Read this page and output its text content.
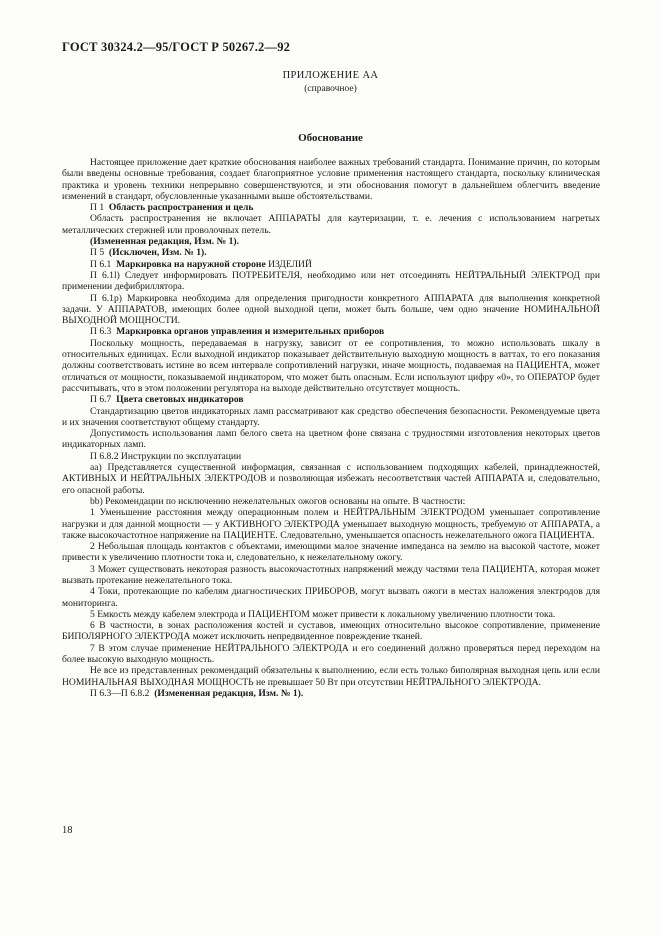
ГОСТ 30324.2—95/ГОСТ Р 50267.2—92
ПРИЛОЖЕНИЕ АА
(справочное)
Обоснование

Настоящее приложение дает краткие обоснования наиболее важных требований стандарта. Понимание причин, по которым были введены основные требования, создает благоприятное условие применения настоящего стандарта, поскольку клиническая практика и уровень техники непрерывно совершенствуются, и эти обоснования помогут в дальнейшем облегчить введение изменений в стандарт, обусловленные указанными выше обстоятельствами.

П 1 Область распространения и цель

Область распространения не включает АППАРАТЫ для каутеризации, т. е. лечения с использованием нагретых металлических стержней или проволочных петель.

(Измененная редакция, Изм. № 1).

П 5 (Исключен, Изм. № 1).

П 6.1 Маркировка на наружной стороне ИЗДЕЛИЙ

П 6.1l) Следует информировать ПОТРЕБИТЕЛЯ, необходимо или нет отсоединять НЕЙТРАЛЬНЫЙ ЭЛЕКТРОД при применении дефибриллятора.

П 6.1p) Маркировка необходима для определения пригодности конкретного АППАРАТА для выполнения конкретной задачи. У АППАРАТОВ, имеющих более одной выходной цепи, может быть больше, чем одно значение НОМИНАЛЬНОЙ ВЫХОДНОЙ МОЩНОСТИ.

П 6.3 Маркировка органов управления и измерительных приборов

Поскольку мощность, передаваемая в нагрузку, зависит от ее сопротивления, то можно использовать шкалу в относительных единицах. Если выходной индикатор показывает действительную выходную мощность в ваттах, то его показания должны соответствовать истине во всем интервале сопротивлений нагрузки, иначе мощность, подаваемая на ПАЦИЕНТА, может отличаться от мощности, показываемой индикатором, что может быть опасным. Если используют цифру «0», то ОПЕРАТОР будет рассчитывать, что в этом положении регулятора на выходе действительно отсутствует мощность.

П 6.7 Цвета световых индикаторов

Стандартизацию цветов индикаторных ламп рассматривают как средство обеспечения безопасности. Рекомендуемые цвета и их значения соответствуют общему стандарту.

Допустимость использования ламп белого света на цветном фоне связана с трудностями изготовления некоторых цветов индикаторных ламп.

П 6.8.2 Инструкции по эксплуатации

аа) Представляется существенной информация, связанная с использованием подходящих кабелей, принадлежностей, АКТИВНЫХ И НЕЙТРАЛЬНЫХ ЭЛЕКТРОДОВ и позволяющая избежать несоответствия частей АППАРАТА и, следовательно, его опасной работы.

bb) Рекомендации по исключению нежелательных ожогов основаны на опыте. В частности:

1 Уменьшение расстояния между операционным полем и НЕЙТРАЛЬНЫМ ЭЛЕКТРОДОМ уменьшает сопротивление нагрузки и для данной мощности — у АКТИВНОГО ЭЛЕКТРОДА уменьшает выходную мощность, требуемую от АППАРАТА, а также высокочастотное напряжение на ПАЦИЕНТЕ. Следовательно, уменьшается опасность нежелательного ожога ПАЦИЕНТА.

2 Небольшая площадь контактов с объектами, имеющими малое значение импеданса на землю на высокой частоте, может привести к увеличению плотности тока и, следовательно, к нежелательному ожогу.

3 Может существовать некоторая разность высокочастотных напряжений между частями тела ПАЦИЕНТА, которая может вызвать протекание нежелательного тока.

4 Токи, протекающие по кабелям диагностических ПРИБОРОВ, могут вызвать ожоги в местах наложения электродов для мониторинга.

5 Емкость между кабелем электрода и ПАЦИЕНТОМ может привести к локальному увеличению плотности тока.

6 В частности, в зонах расположения костей и суставов, имеющих относительно высокое сопротивление, применение БИПОЛЯРНОГО ЭЛЕКТРОДА может исключить непредвиденное повреждение тканей.

7 В этом случае применение НЕЙТРАЛЬНОГО ЭЛЕКТРОДА и его соединений должно проверяться перед переходом на более высокую выходную мощность.

Не все из представленных рекомендаций обязательны к выполнению, если есть только биполярная выходная цепь или если НОМИНАЛЬНАЯ ВЫХОДНАЯ МОЩНОСТЬ не превышает 50 Вт при отсутствии НЕЙТРАЛЬНОГО ЭЛЕКТРОДА.

П 6.3—П 6.8.2 (Измененная редакция, Изм. № 1).

18
